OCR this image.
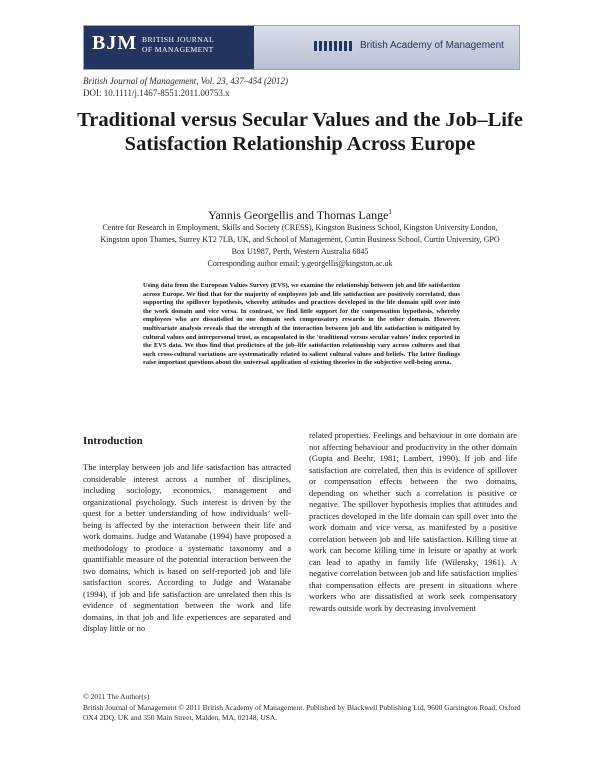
BJM BRITISH JOURNAL
OF MANAGEMENT	British Academy of Management
British Journal of Management, Vol. 23, 437–454 (2012)
DOI: 10.1111/j.1467-8551.2011.00753.x
Traditional versus Secular Values and the Job–Life Satisfaction Relationship Across Europe
Yannis Georgellis and Thomas Lange$^1$
Centre for Research in Employment, Skills and Society (CRESS), Kingston Business School, Kingston University London, Kingston upon Thames, Surrey KT2 7LB, UK, and School of Management, Curtin Business School, Curtin University, GPO Box U1987, Perth, Western Australia 6845
Corresponding author email: y.georgellis@kingston.ac.uk
Using data from the European Values Survey (EVS), we examine the relationship between job and life satisfaction across Europe. We find that for the majority of employees job and life satisfaction are positively correlated, thus supporting the spillover hypothesis, whereby attitudes and practices developed in the life domain spill over into the work domain and vice versa. In contrast, we find little support for the compensation hypothesis, whereby employees who are dissatisfied in one domain seek compensatory rewards in the other domain. However, multivariate analysis reveals that the strength of the interaction between job and life satisfaction is mitigated by cultural values and interpersonal trust, as encapsulated in the ‘traditional versus secular values’ index reported in the EVS data. We thus find that predictors of the job–life satisfaction relationship vary across cultures and that such cross-cultural variations are systematically related to salient cultural values and beliefs. The latter findings raise important questions about the universal application of existing theories in the subjective well-being arena.
Introduction
The interplay between job and life satisfaction has attracted considerable interest across a number of disciplines, including sociology, economics, management and organizational psychology. Such interest is driven by the quest for a better understanding of how individuals’ well-being is affected by the interaction between their life and work domains. Judge and Watanabe (1994) have proposed a methodology to produce a systematic taxonomy and a quantifiable measure of the potential interaction between the two domains, which is based on self-reported job and life satisfaction scores. According to Judge and Watanabe (1994), if job and life satisfaction are unrelated then this is evidence of segmentation between the work and life domains, in that job and life experiences are separated and display little or no
related properties. Feelings and behaviour in one domain are not affecting behaviour and productivity in the other domain (Gupta and Beehr, 1981; Lambert, 1990). If job and life satisfaction are correlated, then this is evidence of spillover or compensation effects between the two domains, depending on whether such a correlation is positive or negative. The spillover hypothesis implies that attitudes and practices developed in the life domain can spill over into the work domain and vice versa, as manifested by a positive correlation between job and life satisfaction. Killing time at work can become killing time in leisure or apathy at work can lead to apathy in family life (Wilensky, 1961). A negative correlation between job and life satisfaction implies that compensation effects are present in situations where workers who are dissatisfied at work seek compensatory rewards outside work by decreasing involvement
© 2011 The Author(s)
British Journal of Management © 2011 British Academy of Management. Published by Blackwell Publishing Ltd, 9600 Garsington Road, Oxford OX4 2DQ, UK and 350 Main Street, Malden, MA, 02148, USA.
